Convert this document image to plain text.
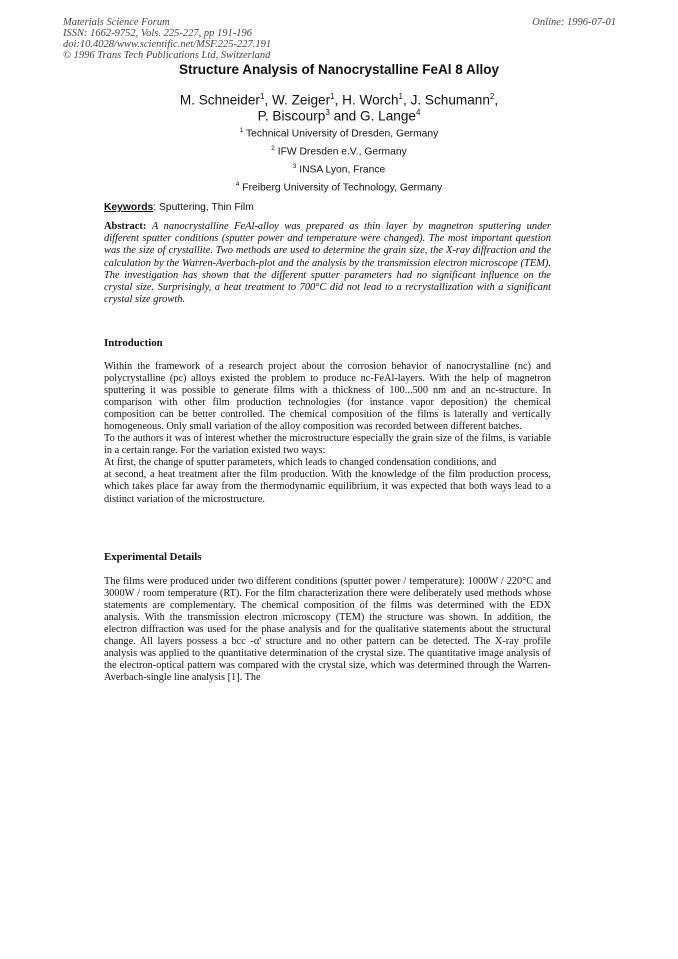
Materials Science Forum
ISSN: 1662-9752, Vols. 225-227, pp 191-196
doi:10.4028/www.scientific.net/MSF.225-227.191
© 1996 Trans Tech Publications Ltd, Switzerland
Online: 1996-07-01
Structure Analysis of Nanocrystalline FeAl 8 Alloy
M. Schneider$^1$, W. Zeiger$^1$, H. Worch$^1$, J. Schumann$^2$,
P. Biscourp$^3$ and G. Lange$^4$
$^1$ Technical University of Dresden, Germany
$^2$ IFW Dresden e.V., Germany
$^3$ INSA Lyon, France
$^4$ Freiberg University of Technology, Germany
Keywords: Sputtering, Thin Film
Abstract: A nanocrystalline FeAl-alloy was prepared as thin layer by magnetron sputtering under different sputter conditions (sputter power and temperature were changed). The most important question was the size of crystallite. Two methods are used to determine the grain size, the X-ray diffraction and the calculation by the Warren-Averbach-plot and the analysis by the transmission electron microscope (TEM). The investigation has shown that the different sputter parameters had no significant influence on the crystal size. Surprisingly, a heat treatment to 700°C did not lead to a recrystallization with a significant crystal size growth.
Introduction

Within the framework of a research project about the corrosion behavior of nanocrystalline (nc) and polycrystalline (pc) alloys existed the problem to produce nc-FeAl-layers. With the help of magnetron sputtering it was possible to generate films with a thickness of 100...500 nm and an nc-structure. In comparison with other film production technologies (for instance vapor deposition) the chemical composition can be better controlled. The chemical composition of the films is laterally and vertically homogeneous. Only small variation of the alloy composition was recorded between different batches.

To the authors it was of interest whether the microstructure especially the grain size of the films, is variable in a certain range. For the variation existed two ways:

At first, the change of sputter parameters, which leads to changed condensation conditions, and

at second, a heat treatment after the film production. With the knowledge of the film production process, which takes place far away from the thermodynamic equilibrium, it was expected that both ways lead to a distinct variation of the microstructure.

Experimental Details

The films were produced under two different conditions (sputter power / temperature): 1000W / 220°C and 3000W / room temperature (RT). For the film characterization there were deliberately used methods whose statements are complementary. The chemical composition of the films was determined with the EDX analysis. With the transmission electron microscopy (TEM) the structure was shown. In addition, the electron diffraction was used for the phase analysis and for the qualitative statements about the structural change. All layers possess a bcc -α' structure and no other pattern can be detected. The X-ray profile analysis was applied to the quantitative determination of the crystal size. The quantitative image analysis of the electron-optical pattern was compared with the crystal size, which was determined through the Warren-Averbach-single line analysis [1]. The
